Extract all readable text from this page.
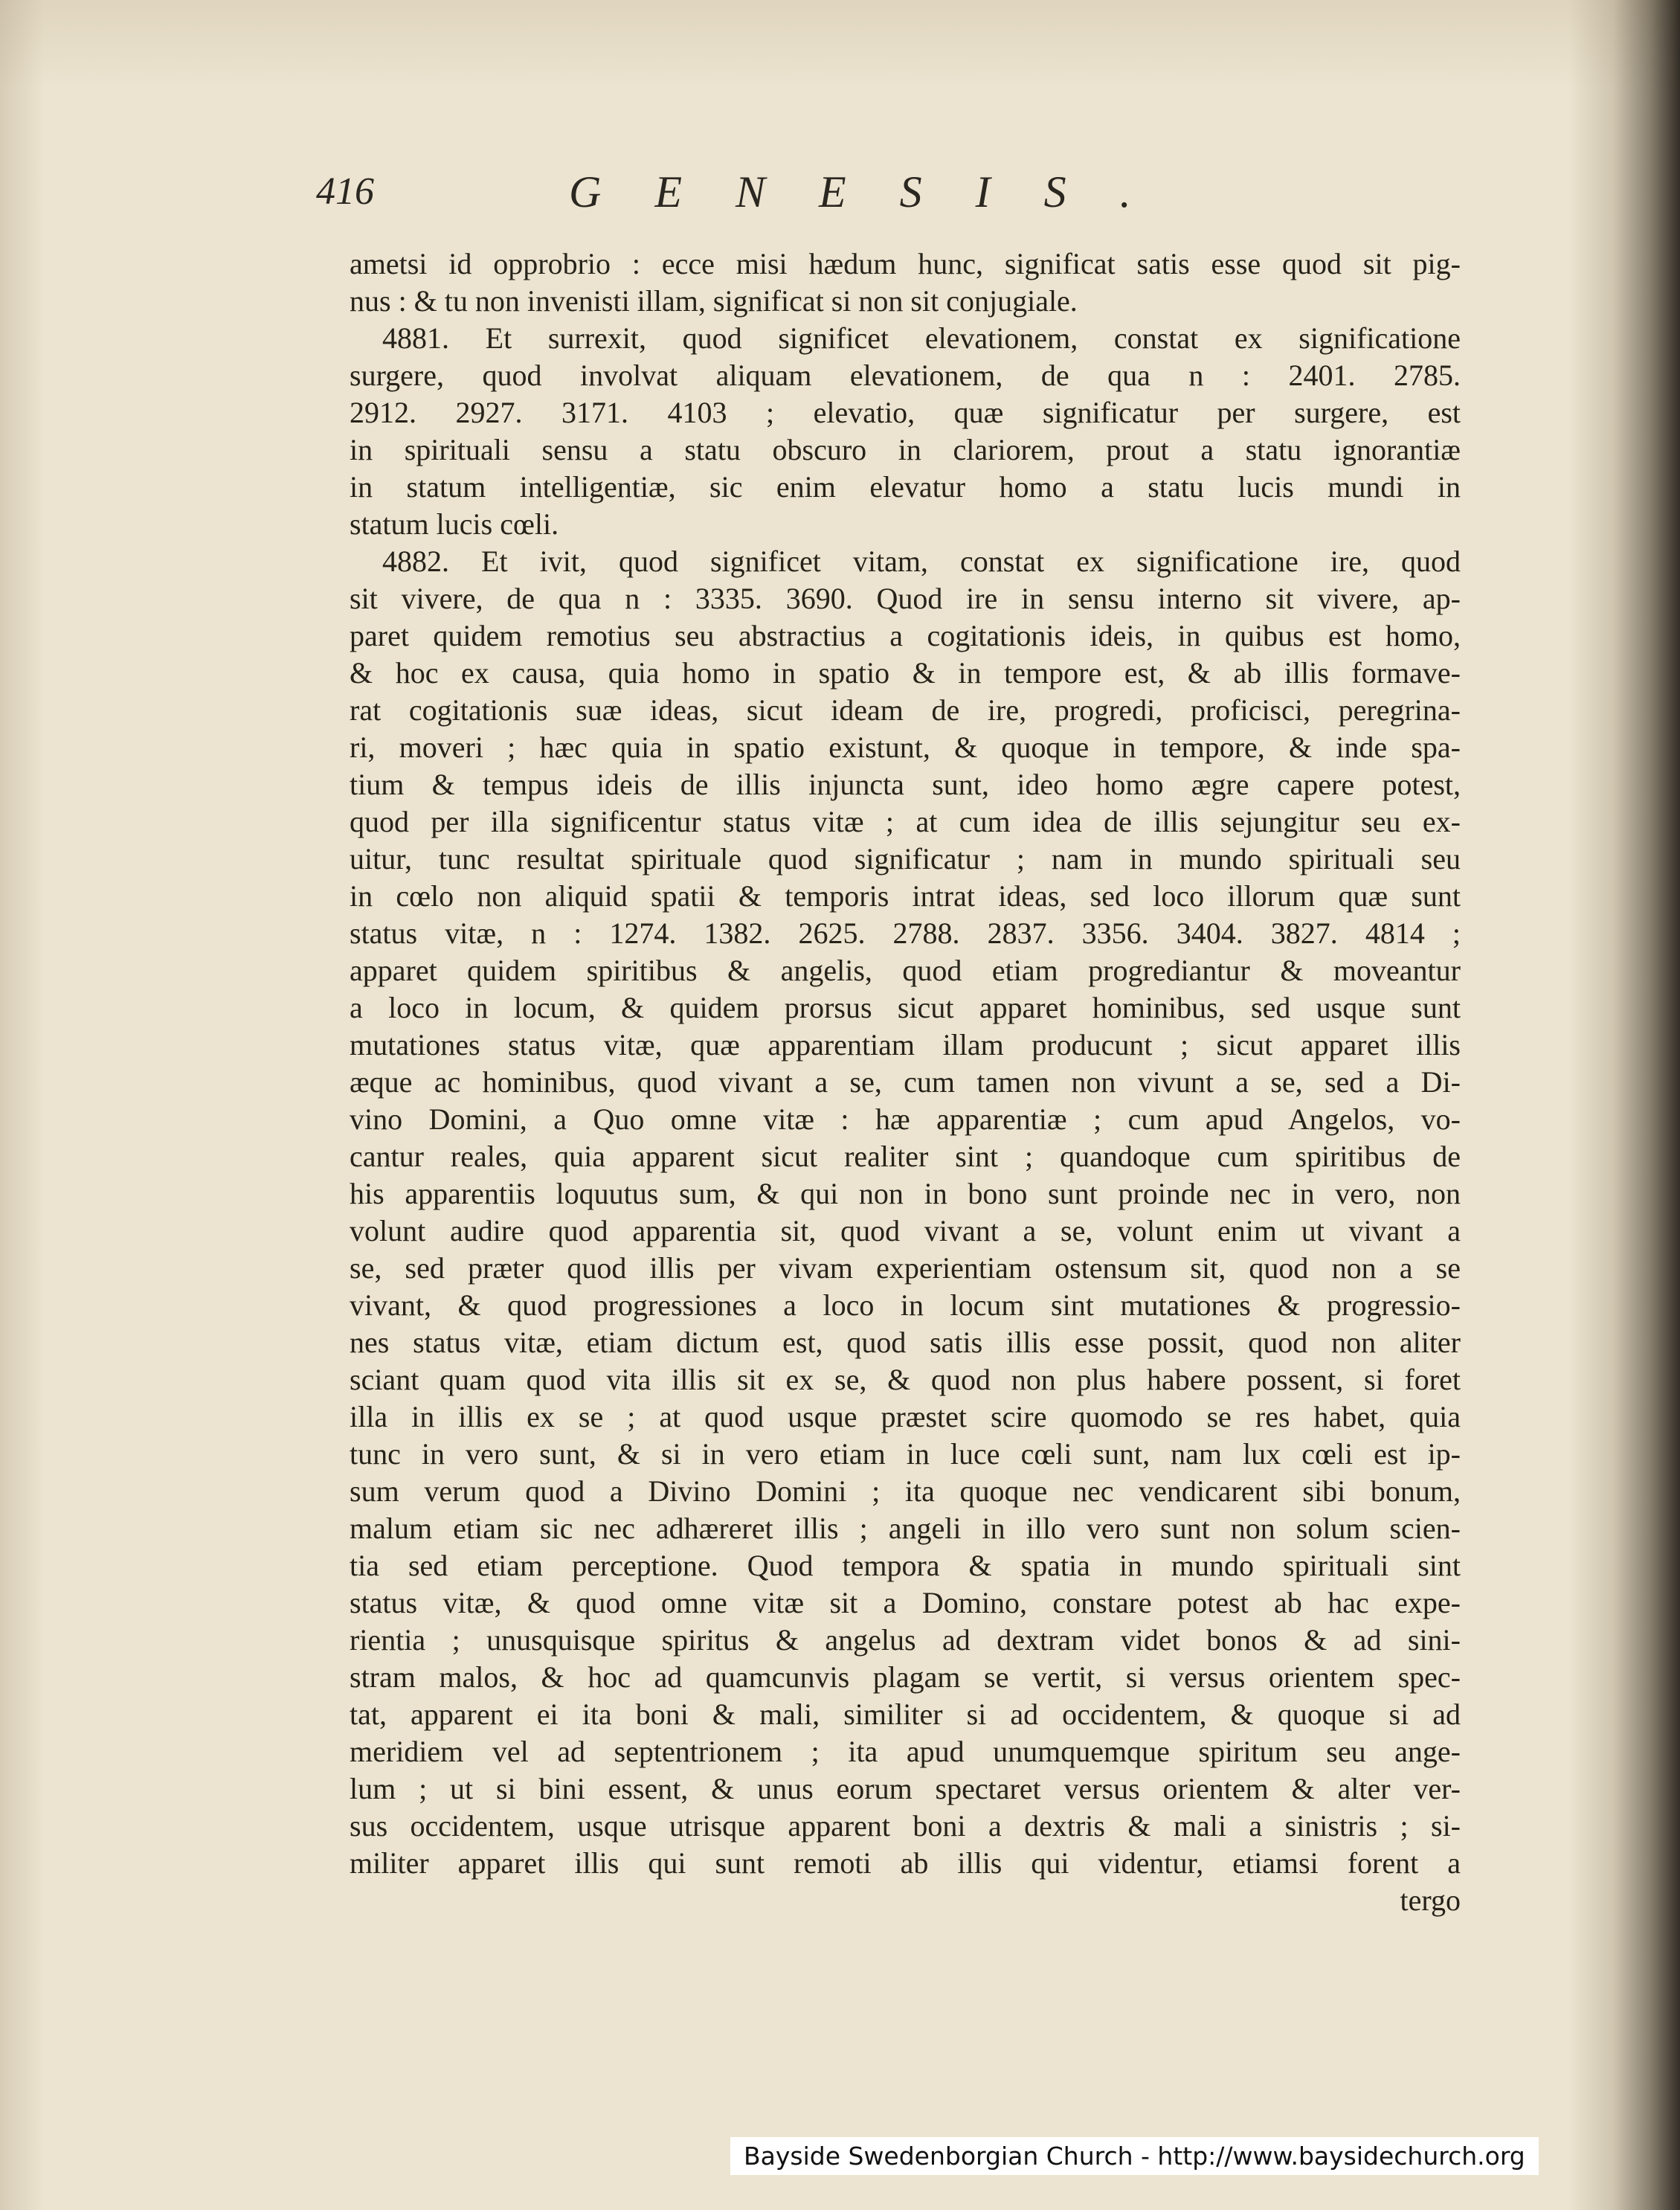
416	GENESIS.
ametsi id opprobrio : ecce misi hædum hunc, significat satis esse quod sit pig-
nus : & tu non invenisti illam, significat si non sit conjugiale.
4881. Et surrexit, quod significet elevationem, constat ex significatione
surgere, quod involvat aliquam elevationem, de qua n : 2401. 2785.
2912. 2927. 3171. 4103 ; elevatio, quæ significatur per surgere, est
in spirituali sensu a statu obscuro in clariorem, prout a statu ignorantiæ
in statum intelligentiæ, sic enim elevatur homo a statu lucis mundi in
statum lucis cœli.
4882. Et ivit, quod significet vitam, constat ex significatione ire, quod
sit vivere, de qua n : 3335. 3690. Quod ire in sensu interno sit vivere, ap-
paret quidem remotius seu abstractius a cogitationis ideis, in quibus est homo,
& hoc ex causa, quia homo in spatio & in tempore est, & ab illis formave-
rat cogitationis suæ ideas, sicut ideam de ire, progredi, proficisci, peregrina-
ri, moveri ; hæc quia in spatio existunt, & quoque in tempore, & inde spa-
tium & tempus ideis de illis injuncta sunt, ideo homo ægre capere potest,
quod per illa significentur status vitæ ; at cum idea de illis sejungitur seu ex-
uitur, tunc resultat spirituale quod significatur ; nam in mundo spirituali seu
in cœlo non aliquid spatii & temporis intrat ideas, sed loco illorum quæ sunt
status vitæ, n : 1274. 1382. 2625. 2788. 2837. 3356. 3404. 3827. 4814 ;
apparet quidem spiritibus & angelis, quod etiam progrediantur & moveantur
a loco in locum, & quidem prorsus sicut apparet hominibus, sed usque sunt
mutationes status vitæ, quæ apparentiam illam producunt ; sicut apparet illis
æque ac hominibus, quod vivant a se, cum tamen non vivunt a se, sed a Di-
vino Domini, a Quo omne vitæ : hæ apparentiæ ; cum apud Angelos, vo-
cantur reales, quia apparent sicut realiter sint ; quandoque cum spiritibus de
his apparentiis loquutus sum, & qui non in bono sunt proinde nec in vero, non
volunt audire quod apparentia sit, quod vivant a se, volunt enim ut vivant a
se, sed præter quod illis per vivam experientiam ostensum sit, quod non a se
vivant, & quod progressiones a loco in locum sint mutationes & progressio-
nes status vitæ, etiam dictum est, quod satis illis esse possit, quod non aliter
sciant quam quod vita illis sit ex se, & quod non plus habere possent, si foret
illa in illis ex se ; at quod usque præstet scire quomodo se res habet, quia
tunc in vero sunt, & si in vero etiam in luce cœli sunt, nam lux cœli est ip-
sum verum quod a Divino Domini ; ita quoque nec vendicarent sibi bonum,
malum etiam sic nec adhæreret illis ; angeli in illo vero sunt non solum scien-
tia sed etiam perceptione. Quod tempora & spatia in mundo spirituali sint
status vitæ, & quod omne vitæ sit a Domino, constare potest ab hac expe-
rientia ; unusquisque spiritus & angelus ad dextram videt bonos & ad sini-
stram malos, & hoc ad quamcunvis plagam se vertit, si versus orientem spec-
tat, apparent ei ita boni & mali, similiter si ad occidentem, & quoque si ad
meridiem vel ad septentrionem ; ita apud unumquemque spiritum seu ange-
lum ; ut si bini essent, & unus eorum spectaret versus orientem & alter ver-
sus occidentem, usque utrisque apparent boni a dextris & mali a sinistris ; si-
militer apparet illis qui sunt remoti ab illis qui videntur, etiamsi forent a
tergo
Bayside Swedenborgian Church - http://www.baysidechurch.org
